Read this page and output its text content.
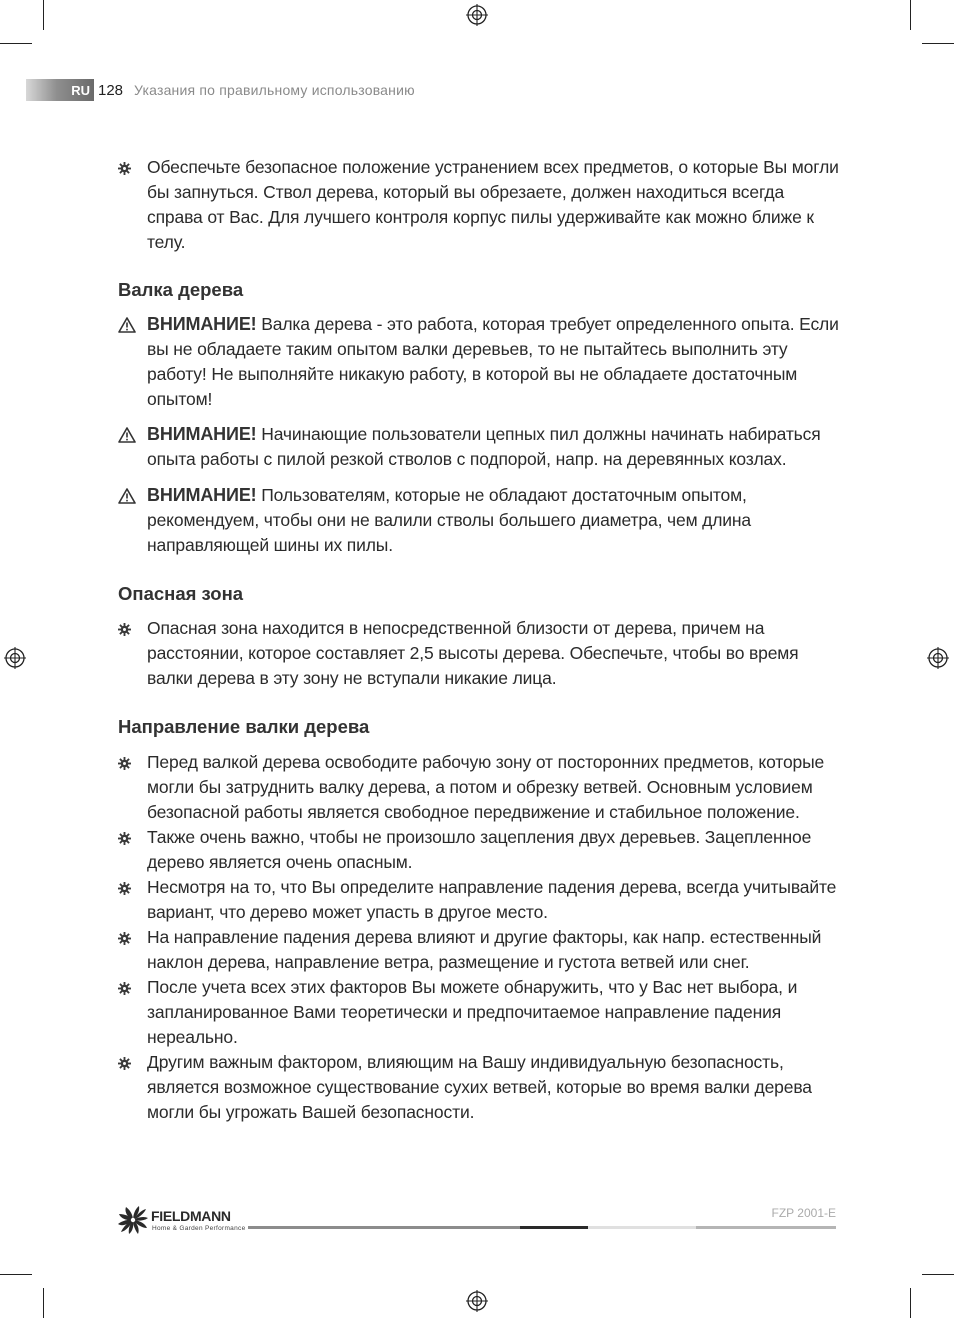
RU 128 Указания по правильному использованию
Обеспечьте безопасное положение устранением всех предметов, о которые Вы могли бы запнуться. Ствол дерева, который вы обрезаете, должен находиться всегда справа от Вас. Для лучшего контроля корпус пилы удерживайте как можно ближе к телу.
Валка дерева
ВНИМАНИЕ! Валка дерева - это работа, которая требует определенного опыта. Если вы не обладаете таким опытом валки деревьев, то не пытайтесь выполнить эту работу! Не выполняйте никакую работу, в которой вы не обладаете достаточным опытом!
ВНИМАНИЕ! Начинающие пользователи цепных пил должны начинать набираться опыта работы с пилой резкой стволов с подпорой, напр. на деревянных козлах.
ВНИМАНИЕ! Пользователям, которые не обладают достаточным опытом, рекомендуем, чтобы они не валили стволы большего диаметра, чем длина направляющей шины их пилы.
Опасная зона
Опасная зона находится в непосредственной близости от дерева, причем на расстоянии, которое составляет 2,5 высоты дерева. Обеспечьте, чтобы во время валки дерева в эту зону не вступали никакие лица.
Направление валки дерева
Перед валкой дерева освободите рабочую зону от посторонних предметов, которые могли бы затруднить валку дерева, а потом и обрезку ветвей. Основным условием безопасной работы является свободное передвижение и стабильное положение.
Также очень важно, чтобы не произошло зацепления двух деревьев. Зацепленное дерево является очень опасным.
Несмотря на то, что Вы определите направление падения дерева, всегда учитывайте вариант, что дерево может упасть в другое место.
На направление падения дерева влияют и другие факторы, как напр. естественный наклон дерева, направление ветра, размещение и густота ветвей или снег.
После учета всех этих факторов Вы можете обнаружить, что у Вас нет выбора, и запланированное Вами теоретически и предпочитаемое направление падения нереально.
Другим важным фактором, влияющим на Вашу индивидуальную безопасность, является возможное существование сухих ветвей, которые во время валки дерева могли бы угрожать Вашей безопасности.
FIELDMANN
Home & Garden Performance
FZP 2001-E
